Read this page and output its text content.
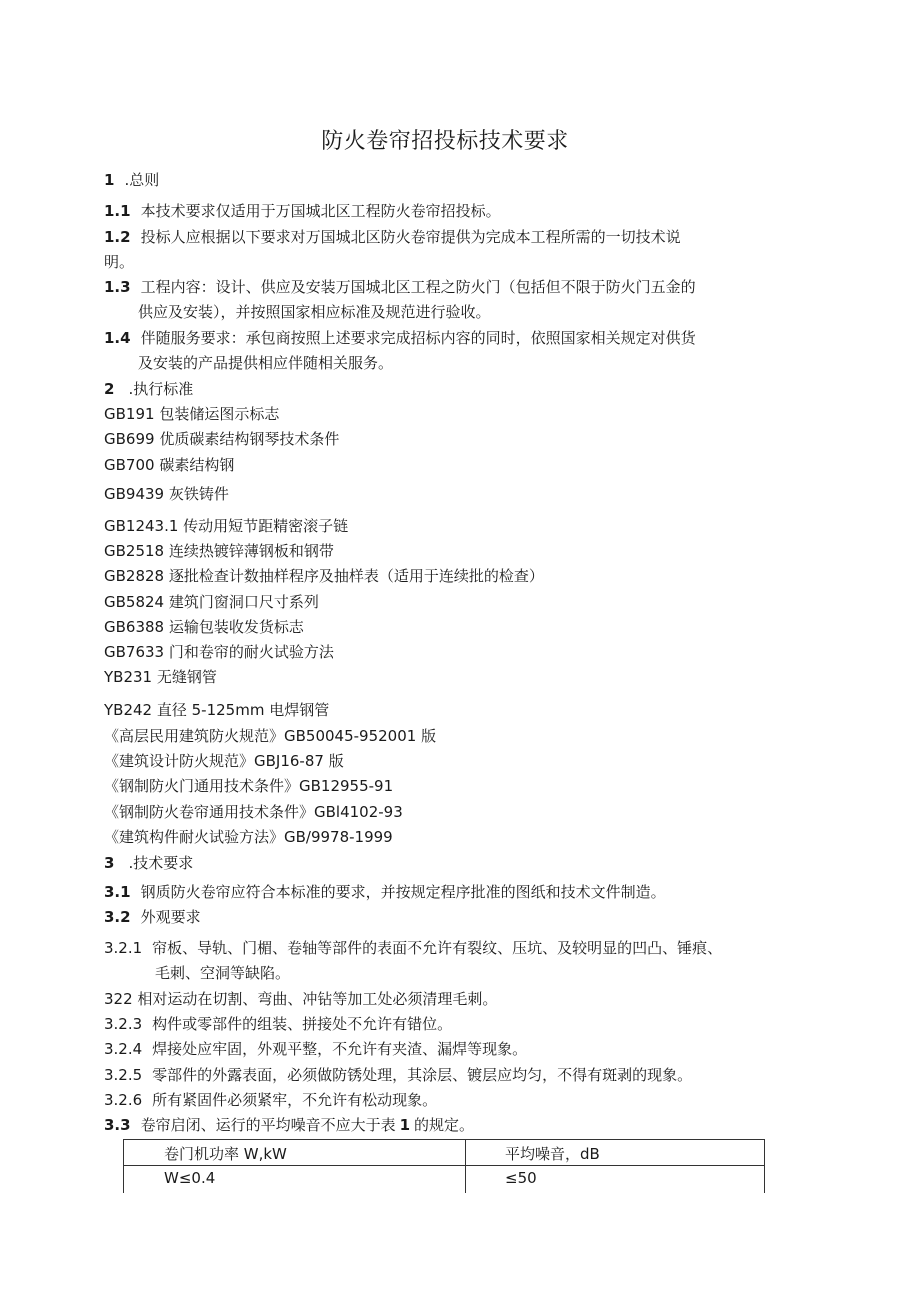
防火卷帘招投标技术要求
1 .总则
1.1 本技术要求仅适用于万国城北区工程防火卷帘招投标。
1.2 投标人应根据以下要求对万国城北区防火卷帘提供为完成本工程所需的一切技术说
明。
1.3 工程内容：设计、供应及安装万国城北区工程之防火门（包括但不限于防火门五金的
供应及安装），并按照国家相应标准及规范进行验收。
1.4 伴随服务要求：承包商按照上述要求完成招标内容的同时，依照国家相关规定对供货
及安装的产品提供相应伴随相关服务。
2 .执行标准
GB191 包装储运图示标志
GB699 优质碳素结构钢琴技术条件
GB700 碳素结构钢
GB9439 灰铁铸件
GB1243.1 传动用短节距精密滚子链
GB2518 连续热镀锌薄钢板和钢带
GB2828 逐批检查计数抽样程序及抽样表（适用于连续批的检查）
GB5824 建筑门窗洞口尺寸系列
GB6388 运输包装收发货标志
GB7633 门和卷帘的耐火试验方法
YB231 无缝钢管
YB242 直径 5-125mm 电焊钢管
《高层民用建筑防火规范》GB50045-952001 版
《建筑设计防火规范》GBJ16-87 版
《钢制防火门通用技术条件》GB12955-91
《钢制防火卷帘通用技术条件》GBl4102-93
《建筑构件耐火试验方法》GB/9978-1999
3 .技术要求
3.1 钢质防火卷帘应符合本标准的要求，并按规定程序批准的图纸和技术文件制造。
3.2 外观要求
3.2.1 帘板、导轨、门楣、卷轴等部件的表面不允许有裂纹、压坑、及较明显的凹凸、锤痕、
毛刺、空洞等缺陷。
322 相对运动在切割、弯曲、冲钻等加工处必须清理毛刺。
3.2.3 构件或零部件的组装、拼接处不允许有错位。
3.2.4 焊接处应牢固，外观平整，不允许有夹渣、漏焊等现象。
3.2.5 零部件的外露表面，必须做防锈处理，其涂层、镀层应均匀，不得有斑剥的现象。
3.2.6 所有紧固件必须紧牢，不允许有松动现象。
3.3 卷帘启闭、运行的平均噪音不应大于表 1 的规定。
卷门机功率 W,kW	平均噪音，dB
W≤0.4	≤50
